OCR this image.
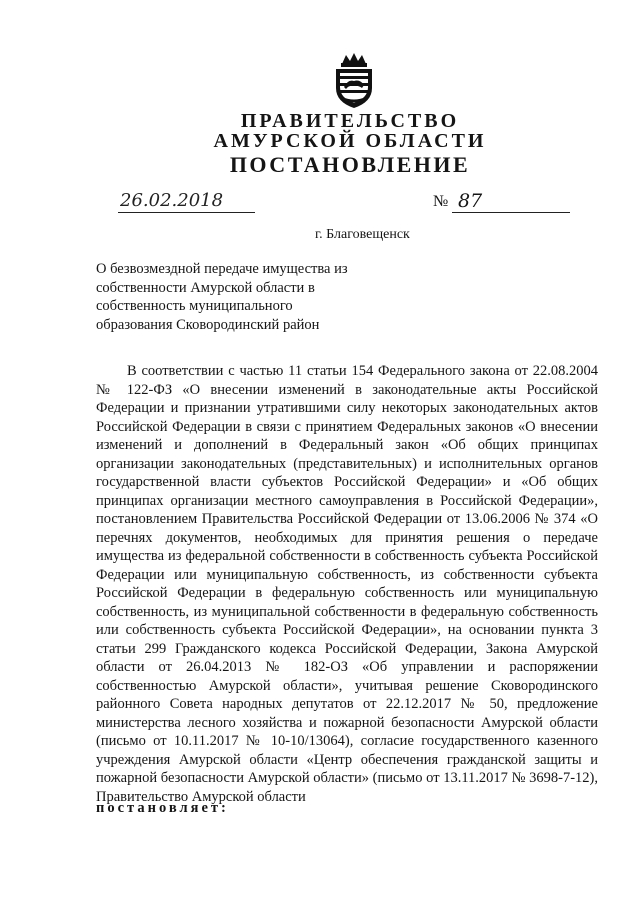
ПРАВИТЕЛЬСТВО
АМУРСКОЙ ОБЛАСТИ
ПОСТАНОВЛЕНИЕ
26.02.2018	№ 87
г. Благовещенск
О безвозмездной передаче имущества из собственности Амурской области в собственность муниципального образования Сковородинский район

В соответствии с частью 11 статьи 154 Федерального закона от 22.08.2004 № 122-ФЗ «О внесении изменений в законодательные акты Российской Федерации и признании утратившими силу некоторых законодательных актов Российской Федерации в связи с принятием Федеральных законов «О внесении изменений и дополнений в Федеральный закон «Об общих принципах организации законодательных (представительных) и исполнительных органов государственной власти субъектов Российской Федерации» и «Об общих принципах организации местного самоуправления в Российской Федерации», постановлением Правительства Российской Федерации от 13.06.2006 № 374 «О перечнях документов, необходимых для принятия решения о передаче имущества из федеральной собственности в собственность субъекта Российской Федерации или муниципальную собственность, из собственности субъекта Российской Федерации в федеральную собственность или муниципальную собственность, из муниципальной собственности в федеральную собственность или собственность субъекта Российской Федерации», на основании пункта 3 статьи 299 Гражданского кодекса Российской Федерации, Закона Амурской области от 26.04.2013 № 182-ОЗ «Об управлении и распоряжении собственностью Амурской области», учитывая решение Сковородинского районного Совета народных депутатов от 22.12.2017 № 50, предложение министерства лесного хозяйства и пожарной безопасности Амурской области (письмо от 10.11.2017 № 10-10/13064), согласие государственного казенного учреждения Амурской области «Центр обеспечения гражданской защиты и пожарной безопасности Амурской области» (письмо от 13.11.2017 № 3698-7-12), Правительство Амурской области

постановляет:
